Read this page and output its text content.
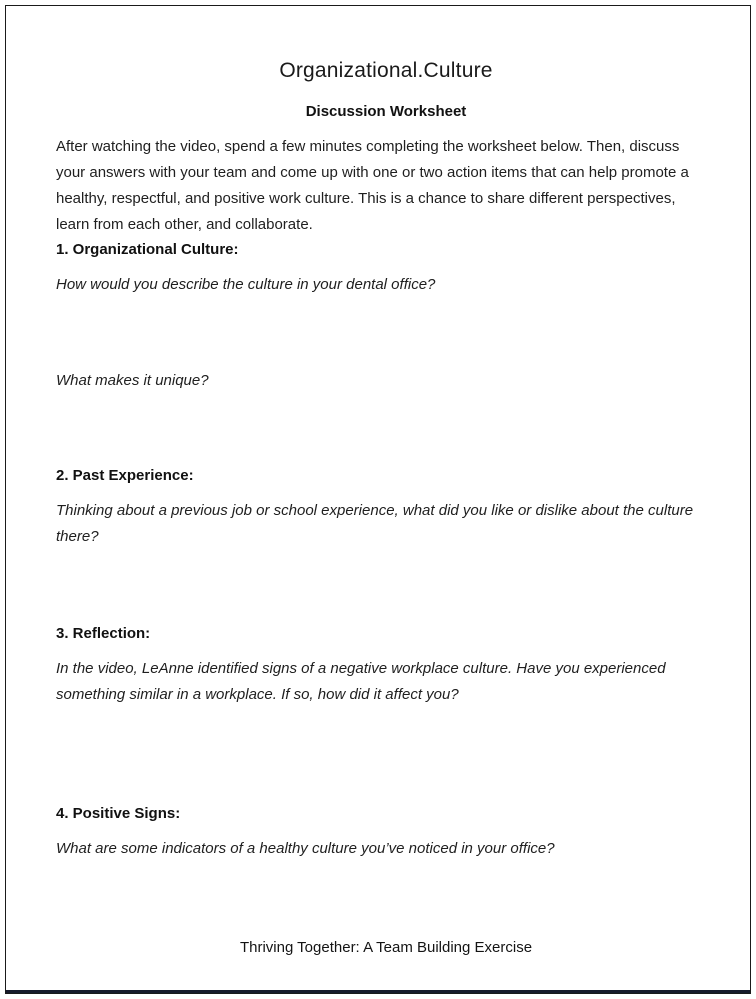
Organizational.Culture
Discussion Worksheet

After watching the video, spend a few minutes completing the worksheet below. Then, discuss your answers with your team and come up with one or two action items that can help promote a healthy, respectful, and positive work culture. This is a chance to share different perspectives, learn from each other, and collaborate.

1. Organizational Culture:

How would you describe the culture in your dental office?

What makes it unique?

2. Past Experience:

Thinking about a previous job or school experience, what did you like or dislike about the culture there?

3. Reflection:

In the video, LeAnne identified signs of a negative workplace culture. Have you experienced something similar in a workplace. If so, how did it affect you?

4. Positive Signs:

What are some indicators of a healthy culture you’ve noticed in your office?

Thriving Together: A Team Building Exercise
